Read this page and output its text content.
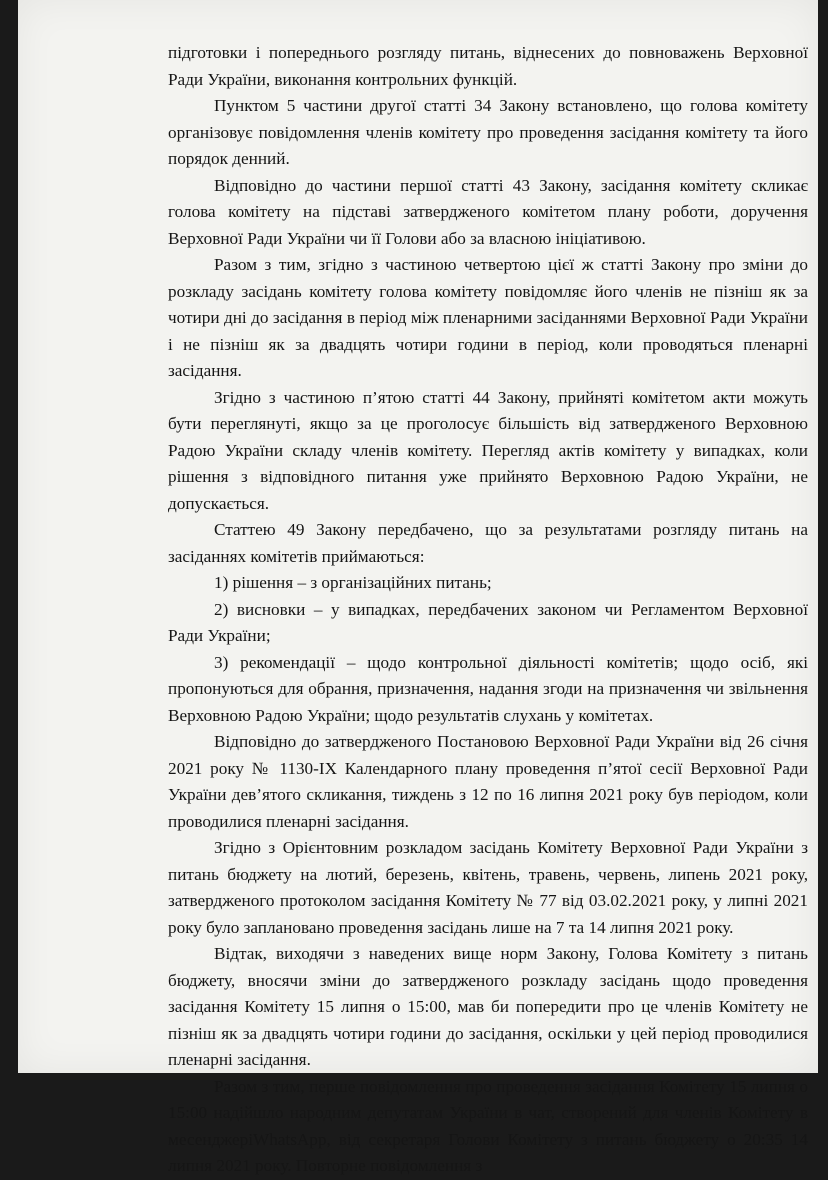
підготовки і попереднього розгляду питань, віднесених до повноважень Верховної Ради України, виконання контрольних функцій.

Пунктом 5 частини другої статті 34 Закону встановлено, що голова комітету організовує повідомлення членів комітету про проведення засідання комітету та його порядок денний.

Відповідно до частини першої статті 43 Закону, засідання комітету скликає голова комітету на підставі затвердженого комітетом плану роботи, доручення Верховної Ради України чи її Голови або за власною ініціативою.

Разом з тим, згідно з частиною четвертою цієї ж статті Закону про зміни до розкладу засідань комітету голова комітету повідомляє його членів не пізніш як за чотири дні до засідання в період між пленарними засіданнями Верховної Ради України і не пізніш як за двадцять чотири години в період, коли проводяться пленарні засідання.

Згідно з частиною п’ятою статті 44 Закону, прийняті комітетом акти можуть бути переглянуті, якщо за це проголосує більшість від затвердженого Верховною Радою України складу членів комітету. Перегляд актів комітету у випадках, коли рішення з відповідного питання уже прийнято Верховною Радою України, не допускається.

Статтею 49 Закону передбачено, що за результатами розгляду питань на засіданнях комітетів приймаються:

1) рішення – з організаційних питань;

2) висновки – у випадках, передбачених законом чи Регламентом Верховної Ради України;

3) рекомендації – щодо контрольної діяльності комітетів; щодо осіб, які пропонуються для обрання, призначення, надання згоди на призначення чи звільнення Верховною Радою України; щодо результатів слухань у комітетах.

Відповідно до затвердженого Постановою Верховної Ради України від 26 січня 2021 року № 1130-IX Календарного плану проведення п’ятої сесії Верховної Ради України дев’ятого скликання, тиждень з 12 по 16 липня 2021 року був періодом, коли проводилися пленарні засідання.

Згідно з Орієнтовним розкладом засідань Комітету Верховної Ради України з питань бюджету на лютий, березень, квітень, травень, червень, липень 2021 року, затвердженого протоколом засідання Комітету № 77 від 03.02.2021 року, у липні 2021 року було заплановано проведення засідань лише на 7 та 14 липня 2021 року.

Відтак, виходячи з наведених вище норм Закону, Голова Комітету з питань бюджету, вносячи зміни до затвердженого розкладу засідань щодо проведення засідання Комітету 15 липня о 15:00, мав би попередити про це членів Комітету не пізніш як за двадцять чотири години до засідання, оскільки у цей період проводилися пленарні засідання.

Разом з тим, перше повідомлення про проведення засідання Комітету 15 липня о 15:00 надійшло народним депутатам України в чат, створений для членів Комітету в месенджеріWhatsApp, від секретаря Голови Комітету з питань бюджету о 20:35 14 липня 2021 року. Повторне повідомлення з
